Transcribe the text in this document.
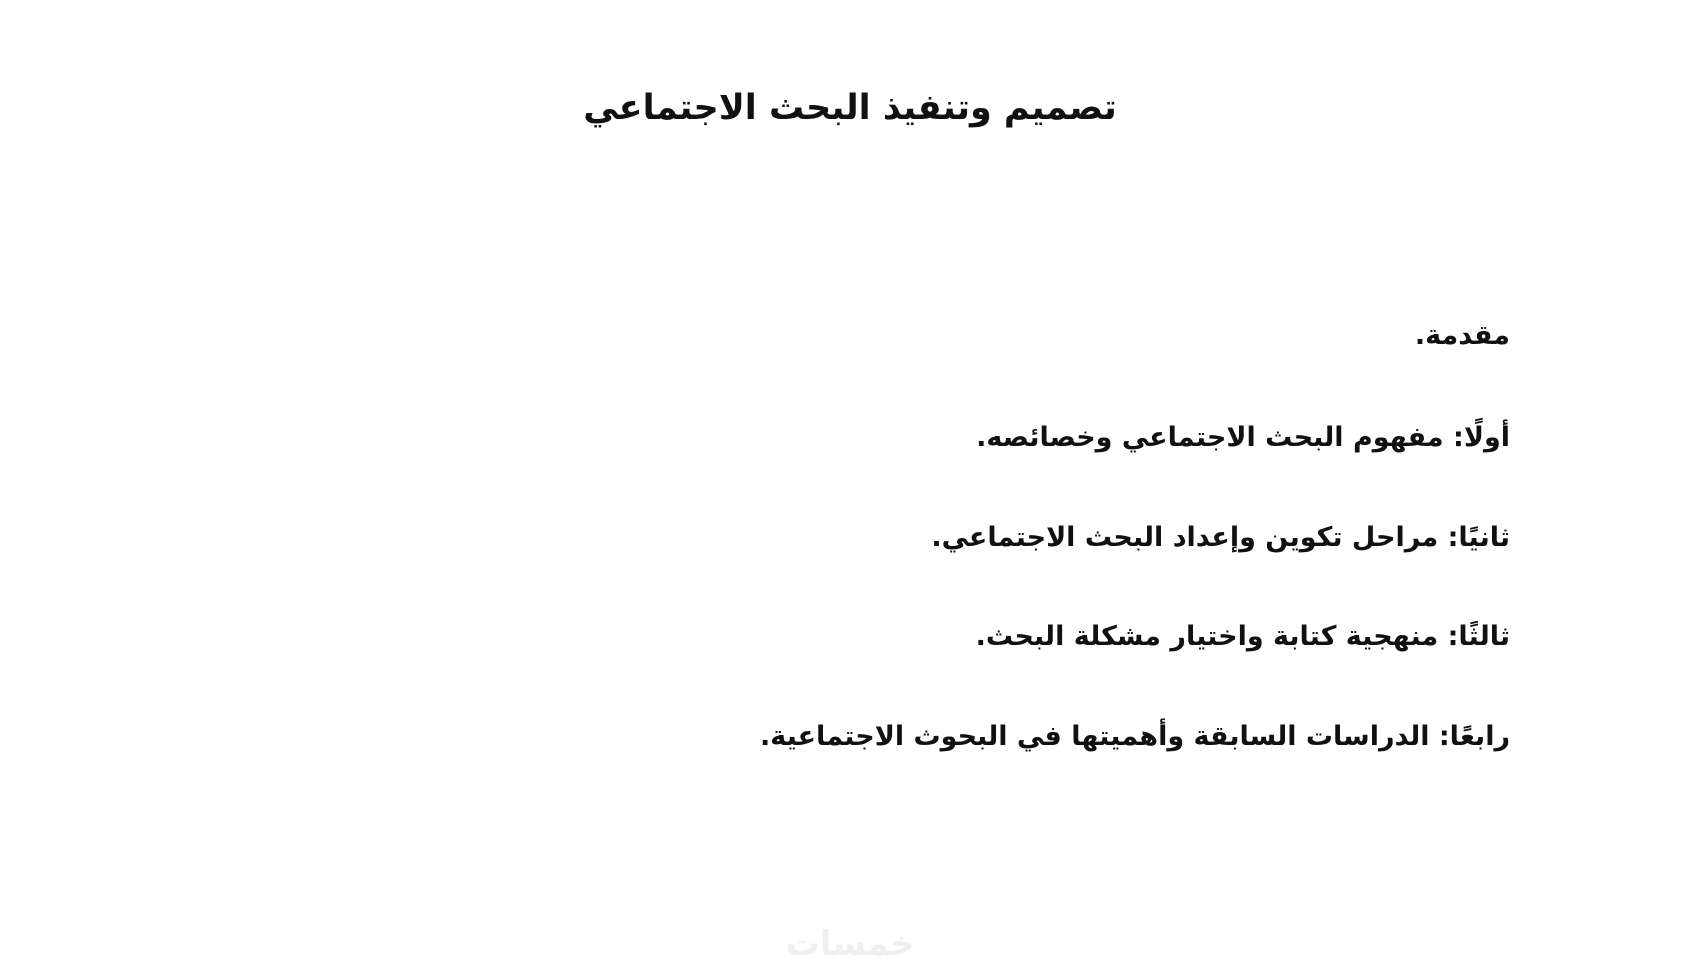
تصميم وتنفيذ البحث الاجتماعي
مقدمة.
أولًا: مفهوم البحث الاجتماعي وخصائصه.
ثانيًا: مراحل تكوين وإعداد البحث الاجتماعي.
ثالثًا: منهجية كتابة واختيار مشكلة البحث.
رابعًا: الدراسات السابقة وأهميتها في البحوث الاجتماعية.
خمسات
